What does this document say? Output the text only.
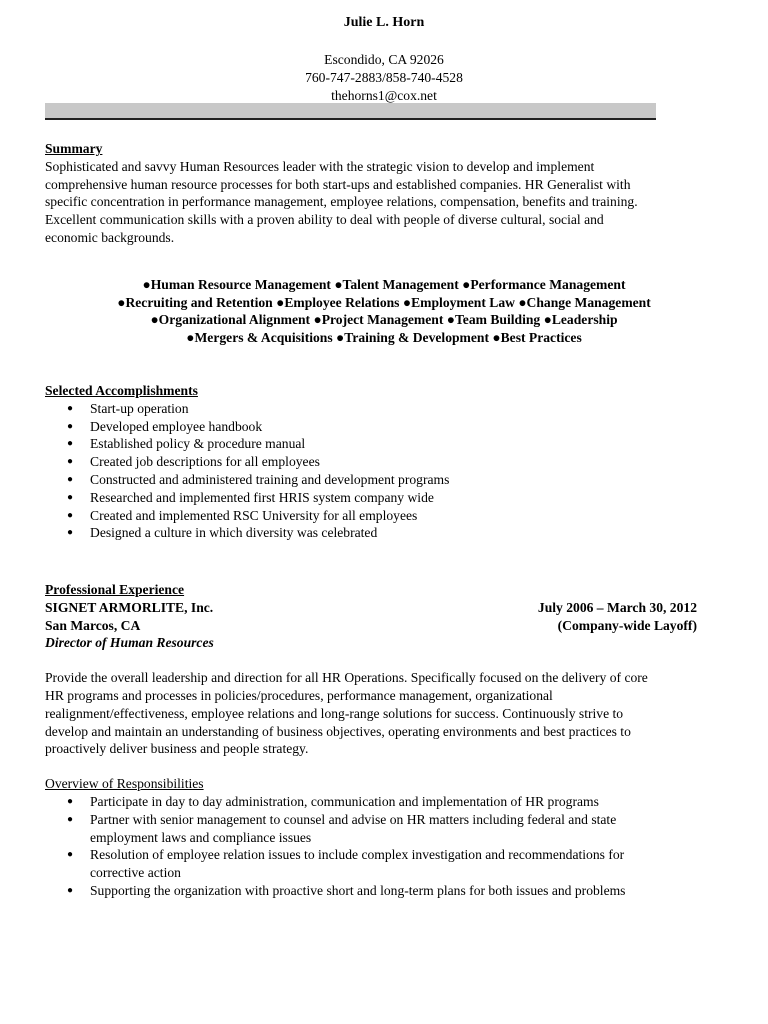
Julie L. Horn
Escondido, CA 92026
760-747-2883/858-740-4528
thehorns1@cox.net
Summary
Sophisticated and savvy Human Resources leader with the strategic vision to develop and implement
comprehensive human resource processes for both start-ups and established companies. HR Generalist with
specific concentration in performance management, employee relations, compensation, benefits and training.
Excellent communication skills with a proven ability to deal with people of diverse cultural, social and
economic backgrounds.
●Human Resource Management ●Talent Management ●Performance Management
●Recruiting and Retention ●Employee Relations ●Employment Law ●Change Management
●Organizational Alignment ●Project Management ●Team Building ●Leadership
●Mergers & Acquisitions ●Training & Development ●Best Practices
Selected Accomplishments
● Start-up operation
● Developed employee handbook
● Established policy & procedure manual
● Created job descriptions for all employees
● Constructed and administered training and development programs
● Researched and implemented first HRIS system company wide
● Created and implemented RSC University for all employees
● Designed a culture in which diversity was celebrated
Professional Experience
SIGNET ARMORLITE, Inc.	July 2006 – March 30, 2012
San Marcos, CA	(Company-wide Layoff)
Director of Human Resources
Provide the overall leadership and direction for all HR Operations. Specifically focused on the delivery of core
HR programs and processes in policies/procedures, performance management, organizational
realignment/effectiveness, employee relations and long-range solutions for success. Continuously strive to
develop and maintain an understanding of business objectives, operating environments and best practices to
proactively deliver business and people strategy.
Overview of Responsibilities
● Participate in day to day administration, communication and implementation of HR programs
● Partner with senior management to counsel and advise on HR matters including federal and state
employment laws and compliance issues
● Resolution of employee relation issues to include complex investigation and recommendations for
corrective action
● Supporting the organization with proactive short and long-term plans for both issues and problems
